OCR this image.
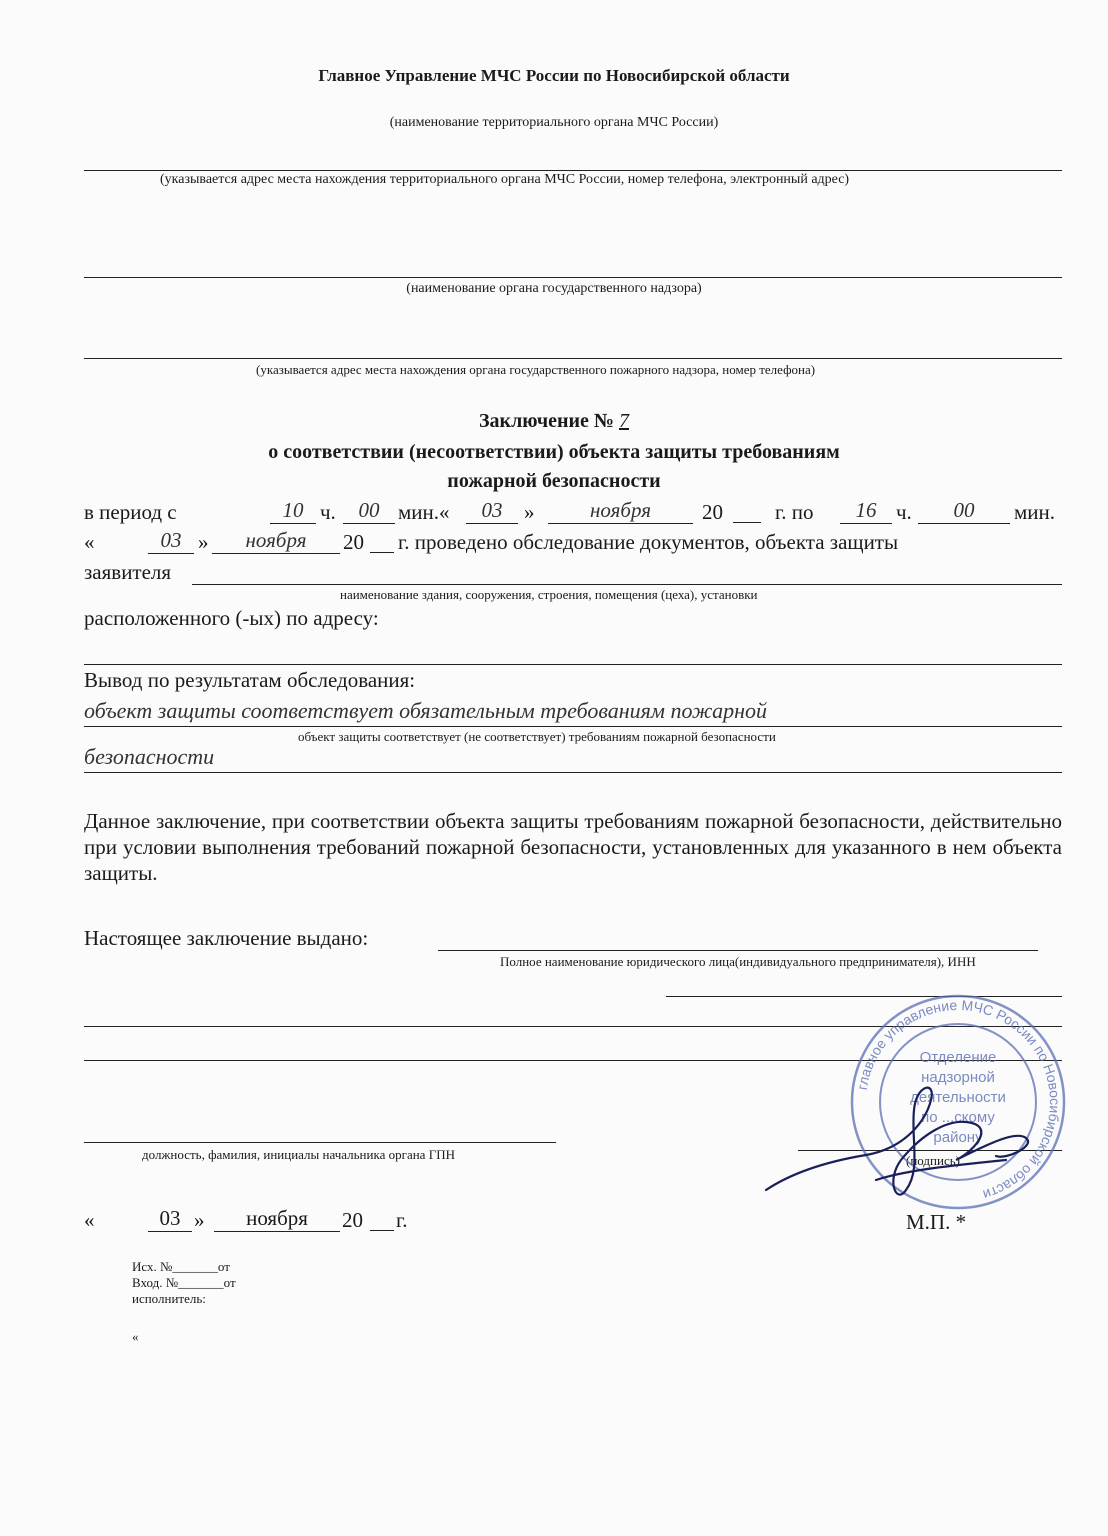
Главное Управление МЧС России по Новосибирской области
(наименование территориального органа МЧС России)
(указывается адрес места нахождения территориального органа МЧС России, номер телефона, электронный адрес)
(наименование органа государственного надзора)
(указывается адрес места нахождения органа государственного пожарного надзора, номер телефона)
Заключение № 7
о соответствии (несоответствии) объекта защиты требованиям
пожарной безопасности
в период с	10 ч.	00 мин.«	03	»	ноября	20 г. по	16 ч.	00	мин.
«	03 »	ноября	20 г. проведено обследование документов, объекта защиты
заявителя
наименование здания, сооружения, строения, помещения (цеха), установки
расположенного (-ых) по адресу:
Вывод по результатам обследования:
объект защиты соответствует обязательным требованиям пожарной
объект защиты соответствует (не соответствует) требованиям пожарной безопасности
безопасности
Данное заключение, при соответствии объекта защиты требованиям пожарной безопасности, действительно при условии выполнения требований пожарной безопасности, установленных для указанного в нем объекта защиты.
Настоящее заключение выдано:
Полное наименование юридического лица(индивидуального предпринимателя), ИНН
должность, фамилия, инициалы начальника органа ГПН	(подпись)
главное управление МЧС России по Новосибирской области
Отделение
надзорной
деятельности
по ...скому
району
«	03 »	ноября	20 г.	М.П. *
Исх. №_______от
Вход. №_______от
исполнитель:
«
